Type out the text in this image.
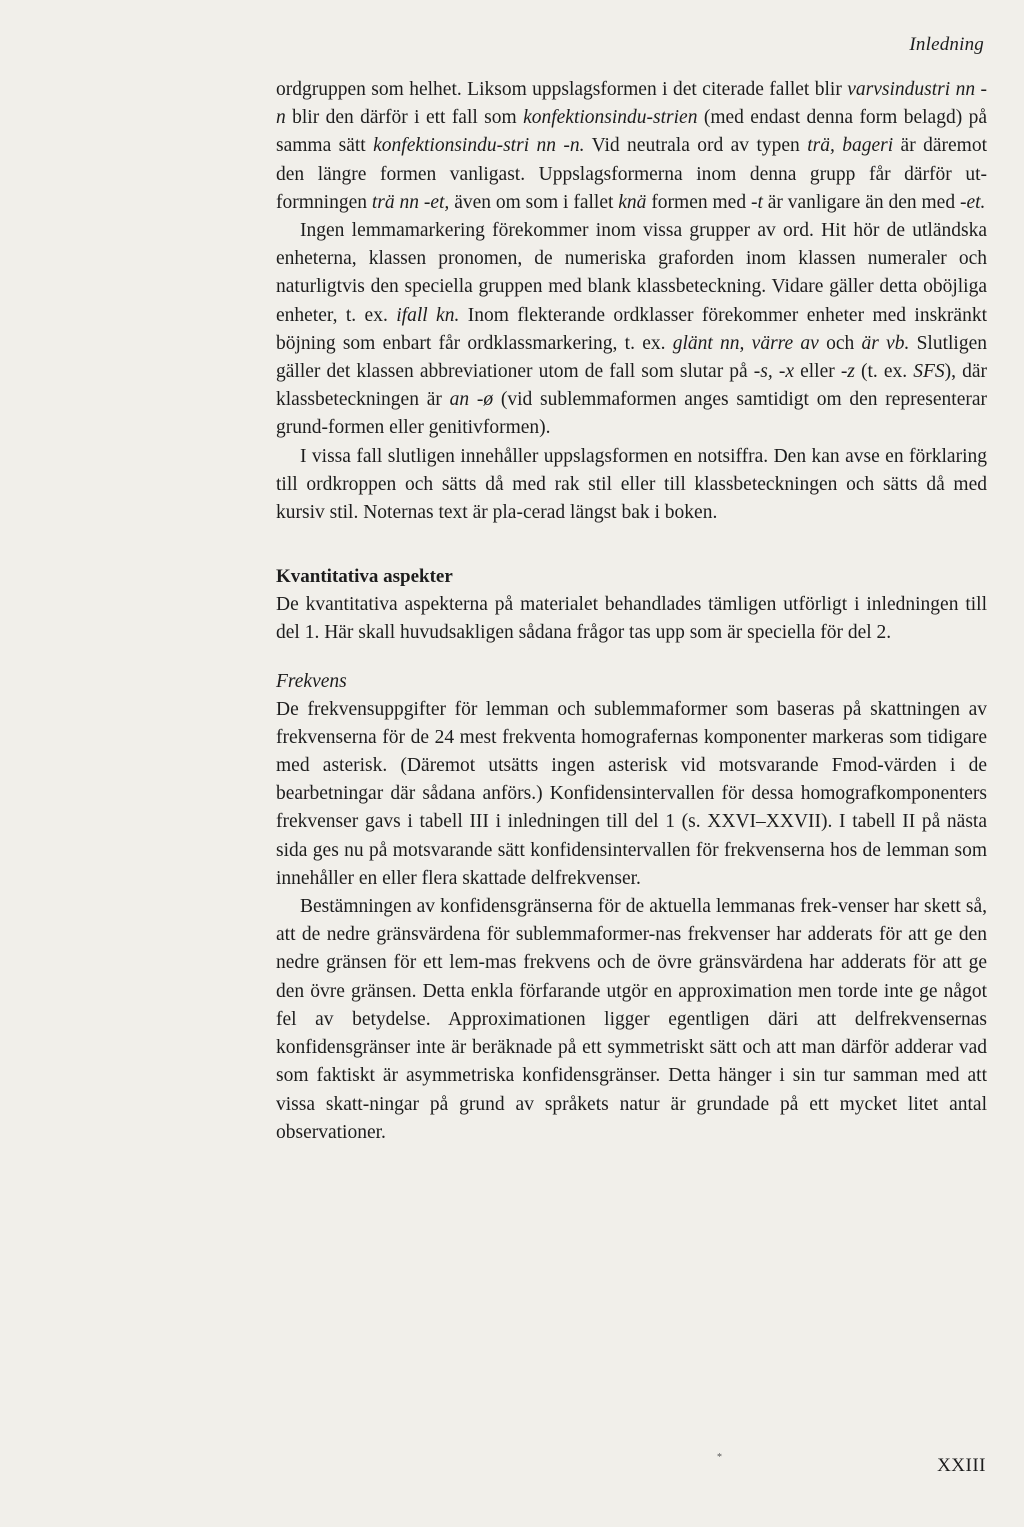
Inledning

ordgruppen som helhet. Liksom uppslagsformen i det citerade fallet blir varvsindustri nn -n blir den därför i ett fall som konfektionsindu-strien (med endast denna form belagd) på samma sätt konfektionsindu-stri nn -n. Vid neutrala ord av typen trä, bageri är däremot den längre formen vanligast. Uppslagsformerna inom denna grupp får därför ut-formningen trä nn -et, även om som i fallet knä formen med -t är vanligare än den med -et.

Ingen lemmamarkering förekommer inom vissa grupper av ord. Hit hör de utländska enheterna, klassen pronomen, de numeriska graforden inom klassen numeraler och naturligtvis den speciella gruppen med blank klassbeteckning. Vidare gäller detta oböjliga enheter, t. ex. ifall kn. Inom flekterande ordklasser förekommer enheter med inskränkt böjning som enbart får ordklassmarkering, t. ex. glänt nn, värre av och är vb. Slutligen gäller det klassen abbreviationer utom de fall som slutar på -s, -x eller -z (t. ex. SFS), där klassbeteckningen är an -ø (vid sublemmaformen anges samtidigt om den representerar grund-formen eller genitivformen).

I vissa fall slutligen innehåller uppslagsformen en notsiffra. Den kan avse en förklaring till ordkroppen och sätts då med rak stil eller till klassbeteckningen och sätts då med kursiv stil. Noternas text är pla-cerad längst bak i boken.

Kvantitativa aspekter

De kvantitativa aspekterna på materialet behandlades tämligen utförligt i inledningen till del 1. Här skall huvudsakligen sådana frågor tas upp som är speciella för del 2.

Frekvens

De frekvensuppgifter för lemman och sublemmaformer som baseras på skattningen av frekvenserna för de 24 mest frekventa homografernas komponenter markeras som tidigare med asterisk. (Däremot utsätts ingen asterisk vid motsvarande Fmod-värden i de bearbetningar där sådana anförs.) Konfidensintervallen för dessa homografkomponenters frekvenser gavs i tabell III i inledningen till del 1 (s. XXVI–XXVII). I tabell II på nästa sida ges nu på motsvarande sätt konfidensintervallen för frekvenserna hos de lemman som innehåller en eller flera skattade delfrekvenser.

Bestämningen av konfidensgränserna för de aktuella lemmanas frek-venser har skett så, att de nedre gränsvärdena för sublemmaformer-nas frekvenser har adderats för att ge den nedre gränsen för ett lem-mas frekvens och de övre gränsvärdena har adderats för att ge den övre gränsen. Detta enkla förfarande utgör en approximation men torde inte ge något fel av betydelse. Approximationen ligger egentligen däri att delfrekvensernas konfidensgränser inte är beräknade på ett symmetriskt sätt och att man därför adderar vad som faktiskt är asymmetriska konfidensgränser. Detta hänger i sin tur samman med att vissa skatt-ningar på grund av språkets natur är grundade på ett mycket litet antal observationer.

*	XXIII
